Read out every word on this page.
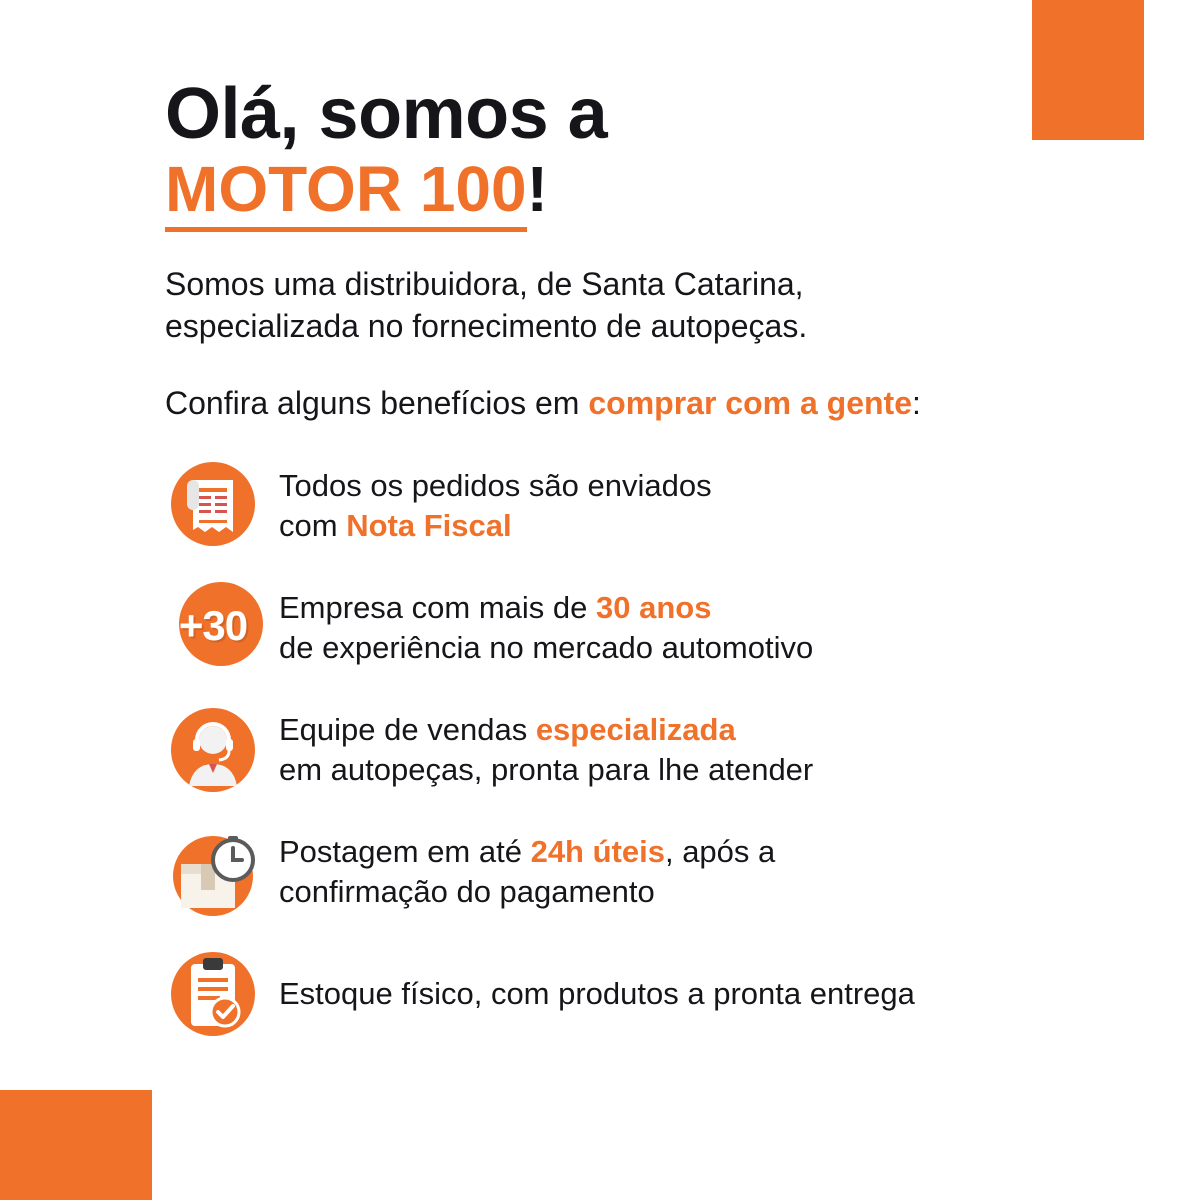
Olá, somos a
MOTOR 100!

Somos uma distribuidora, de Santa Catarina,
especializada no fornecimento de autopeças.

Confira alguns benefícios em comprar com a gente:

Todos os pedidos são enviados
com Nota Fiscal
+30 Empresa com mais de 30 anos
de experiência no mercado automotivo
Equipe de vendas especializada
em autopeças, pronta para lhe atender
Postagem em até 24h úteis, após a
confirmação do pagamento
Estoque físico, com produtos a pronta entrega
